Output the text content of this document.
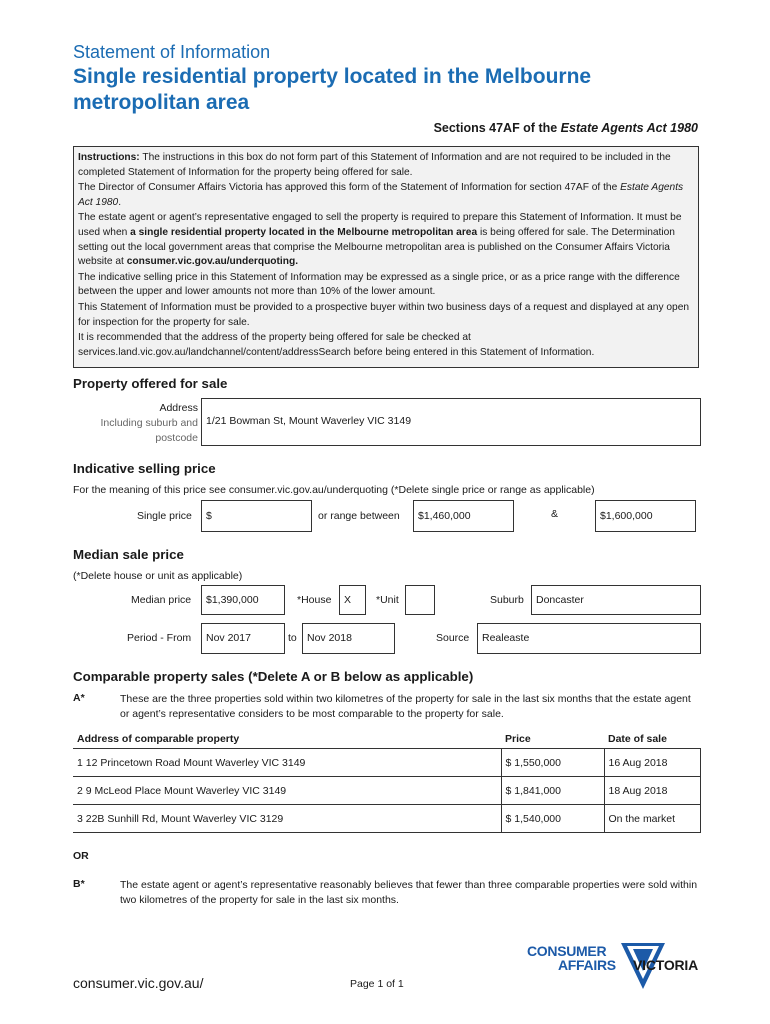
Statement of Information
Single residential property located in the Melbourne metropolitan area
Sections 47AF of the Estate Agents Act 1980

Instructions: The instructions in this box do not form part of this Statement of Information and are not required to be included in the completed Statement of Information for the property being offered for sale.

The Director of Consumer Affairs Victoria has approved this form of the Statement of Information for section 47AF of the Estate Agents Act 1980.

The estate agent or agent’s representative engaged to sell the property is required to prepare this Statement of Information. It must be used when a single residential property located in the Melbourne metropolitan area is being offered for sale. The Determination setting out the local government areas that comprise the Melbourne metropolitan area is published on the Consumer Affairs Victoria website at consumer.vic.gov.au/underquoting.

The indicative selling price in this Statement of Information may be expressed as a single price, or as a price range with the difference between the upper and lower amounts not more than 10% of the lower amount.

This Statement of Information must be provided to a prospective buyer within two business days of a request and displayed at any open for inspection for the property for sale.

It is recommended that the address of the property being offered for sale be checked at services.land.vic.gov.au/landchannel/content/addressSearch before being entered in this Statement of Information.

Property offered for sale
Address
Including suburb and
postcode
1/21 Bowman St, Mount Waverley VIC 3149
Indicative selling price
For the meaning of this price see consumer.vic.gov.au/underquoting (*Delete single price or range as applicable)
Single price	$	or range between	$1,460,000	&	$1,600,000
Median sale price
(*Delete house or unit as applicable)
Median price	$1,390,000	*House	X	*Unit	Suburb	Doncaster
Period - From	Nov 2017	to Nov 2018	Source	Realeaste
Comparable property sales (*Delete A or B below as applicable)
A*	These are the three properties sold within two kilometres of the property for sale in the last six months that the estate agent or agent’s representative considers to be most comparable to the property for sale.
Address of comparable property	Price	Date of sale
1 12 Princetown Road Mount Waverley VIC 3149	$ 1,550,000	16 Aug 2018
2 9 McLeod Place Mount Waverley VIC 3149	$ 1,841,000	18 Aug 2018
3 22B Sunhill Rd, Mount Waverley VIC 3129	$ 1,540,000	On the market
OR
B*	The estate agent or agent’s representative reasonably believes that fewer than three comparable properties were sold within two kilometres of the property for sale in the last six months.
consumer.vic.gov.au/	Page 1 of 1
CONSUMER
AFFAIRS VICTORIA
